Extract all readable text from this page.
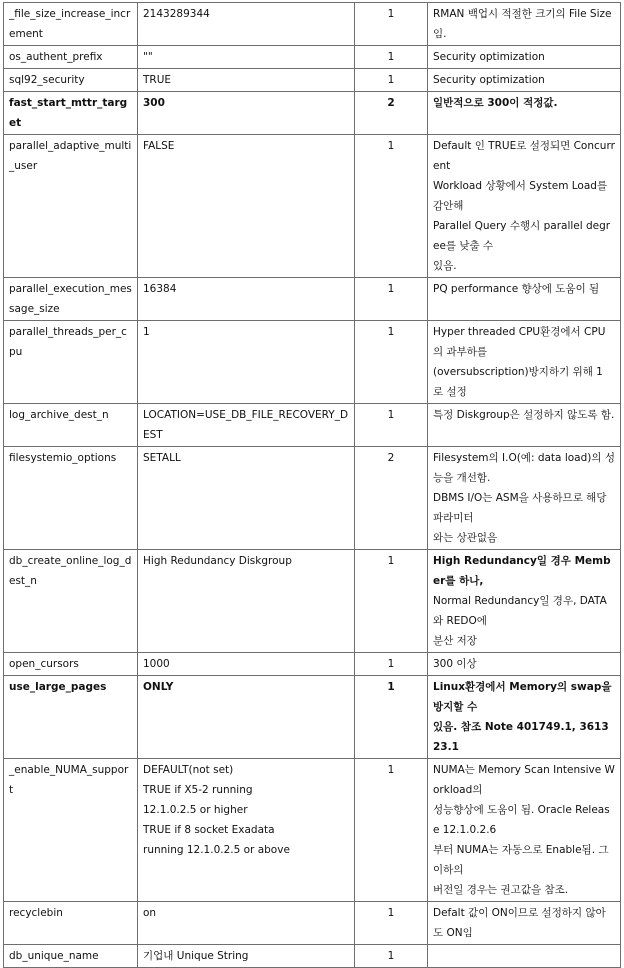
_file_size_increase_increment	2143289344	1	RMAN 백업시 적절한 크기의 File Size 임.

os_authent_prefix	""	1	Security optimization

sql92_security	TRUE	1	Security optimization

fast_start_mttr_target	300	2	일반적으로 300이 적정값.

parallel_adaptive_multi_user	FALSE	1	Default 인 TRUE로 설정되면 Concurrent
Workload 상황에서 System Load를 감안해
Parallel Query 수행시 parallel degree를 낮출 수
있음.

parallel_execution_message_size	16384	1	PQ performance 향상에 도움이 됨

parallel_threads_per_cpu	1	1	Hyper threaded CPU환경에서 CPU의 과부하를
(oversubscription)방지하기 위해 1 로 설정

log_archive_dest_n	LOCATION=USE_DB_FILE_RECOVERY_DEST	1	특정 Diskgroup은 설정하지 않도록 함.

filesystemio_options	SETALL	2	Filesystem의 I.O(예: data load)의 성능을 개선함.
DBMS I/O는 ASM을 사용하므로 해당 파라미터
와는 상관없음

db_create_online_log_dest_n	High Redundancy Diskgroup	1	High Redundancy일 경우 Member를 하나,
Normal Redundancy일 경우, DATA와 REDO에
분산 저장

open_cursors	1000	1	300 이상

use_large_pages	ONLY	1	Linux환경에서 Memory의 swap을 방지할 수
있음. 참조 Note 401749.1, 361323.1

_enable_NUMA_support	DEFAULT(not set)
TRUE if X5-2 running
12.1.0.2.5 or higher
TRUE if 8 socket Exadata
running 12.1.0.2.5 or above	1	NUMA는 Memory Scan Intensive Workload의
성능향상에 도움이 됨. Oracle Release 12.1.0.2.6
부터 NUMA는 자동으로 Enable됨. 그 이하의
버전일 경우는 권고값을 참조.

recyclebin	on	1	Defalt 값이 ON이므로 설정하지 않아도 ON임

db_unique_name	기업내 Unique String	1	
